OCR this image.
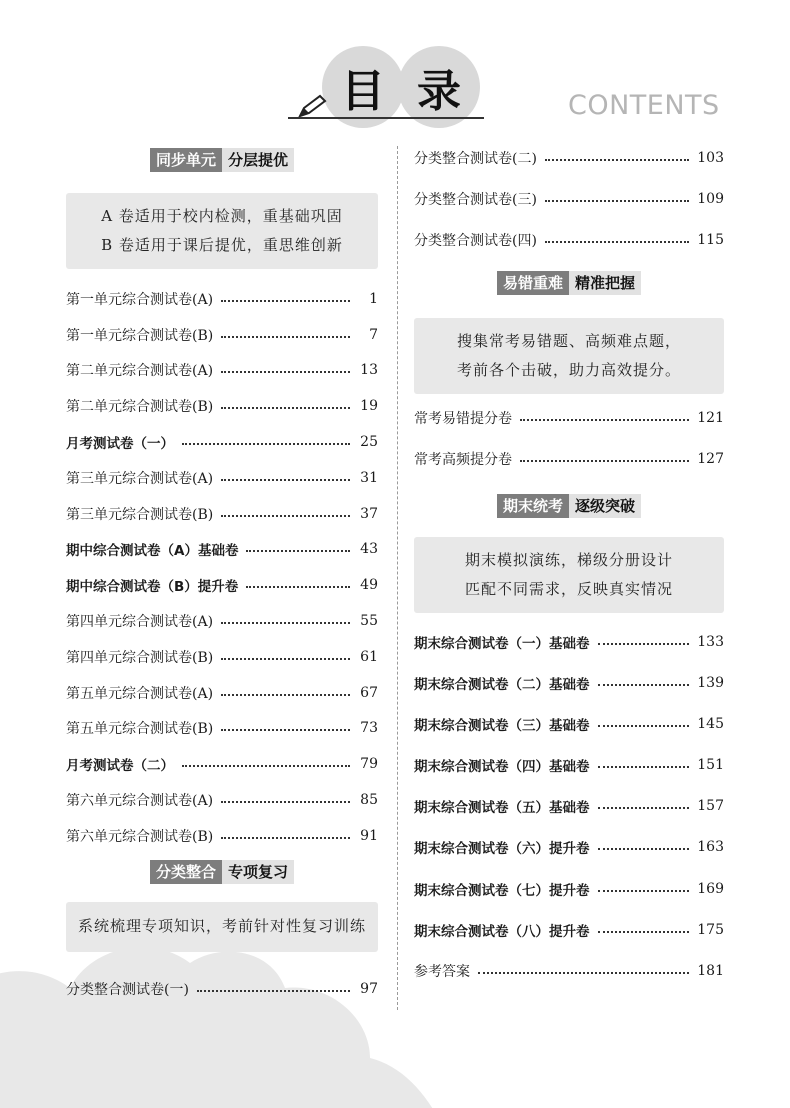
目 录	CONTENTS
同步单元 分层提优
A 卷适用于校内检测，重基础巩固
B 卷适用于课后提优，重思维创新
第一单元综合测试卷(A)	1
第一单元综合测试卷(B)	7
第二单元综合测试卷(A)	13
第二单元综合测试卷(B)	19
月考测试卷（一）	25
第三单元综合测试卷(A)	31
第三单元综合测试卷(B)	37
期中综合测试卷（A）基础卷	43
期中综合测试卷（B）提升卷	49
第四单元综合测试卷(A)	55
第四单元综合测试卷(B)	61
第五单元综合测试卷(A)	67
第五单元综合测试卷(B)	73
月考测试卷（二）	79
第六单元综合测试卷(A)	85
第六单元综合测试卷(B)	91
分类整合 专项复习
系统梳理专项知识，考前针对性复习训练
分类整合测试卷(一)	97
分类整合测试卷(二)	103
分类整合测试卷(三)	109
分类整合测试卷(四)	115
易错重难 精准把握
搜集常考易错题、高频难点题，
考前各个击破，助力高效提分。
常考易错提分卷	121
常考高频提分卷	127
期末统考 逐级突破
期末模拟演练，梯级分册设计
匹配不同需求，反映真实情况
期末综合测试卷（一）基础卷	133
期末综合测试卷（二）基础卷	139
期末综合测试卷（三）基础卷	145
期末综合测试卷（四）基础卷	151
期末综合测试卷（五）基础卷	157
期末综合测试卷（六）提升卷	163
期末综合测试卷（七）提升卷	169
期末综合测试卷（八）提升卷	175
参考答案	181
